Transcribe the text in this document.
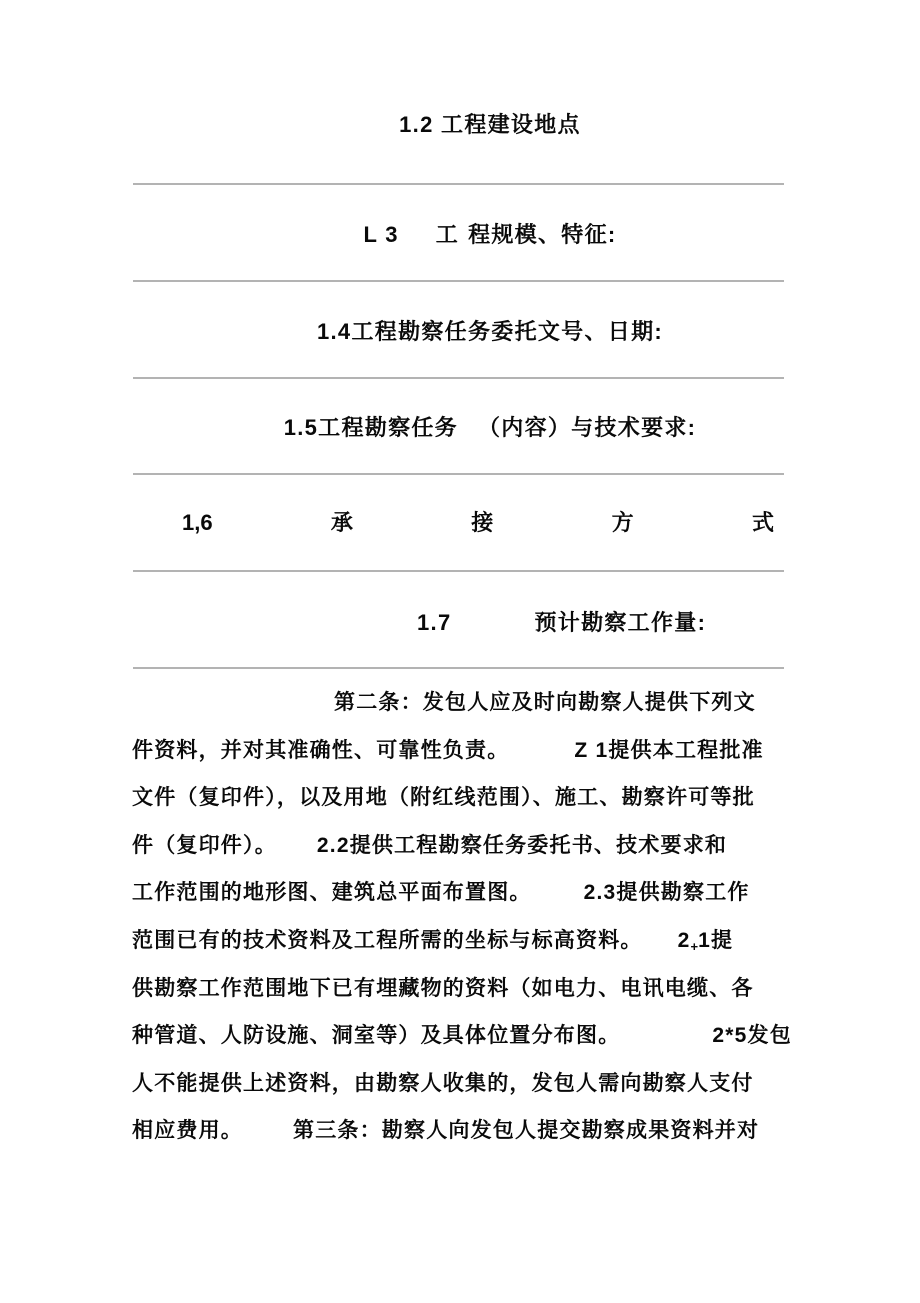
1.2 工程建设地点
L 3 工 程规模、特征:
1.4工程勘察任务委托文号、日期:
1.5工程勘察任务 （内容）与技术要求:
1,6	承	接	方	式
1.7	预计勘察工作量:
第二条：发包人应及时向勘察人提供下列文
件资料，并对其准确性、可靠性负责。	Z 1提供本工程批准
文件（复印件），以及用地（附红线范围）、施工、勘察许可等批
件（复印件）。 2.2提供工程勘察任务委托书、技术要求和
工作范围的地形图、建筑总平面布置图。 2.3提供勘察工作
范围已有的技术资料及工程所需的坐标与标高资料。 2+1提
供勘察工作范围地下已有埋藏物的资料（如电力、电讯电缆、各
种管道、人防设施、洞室等）及具体位置分布图。	2*5发包
人不能提供上述资料，由勘察人收集的，发包人需向勘察人支付
相应费用。 第三条：勘察人向发包人提交勘察成果资料并对
